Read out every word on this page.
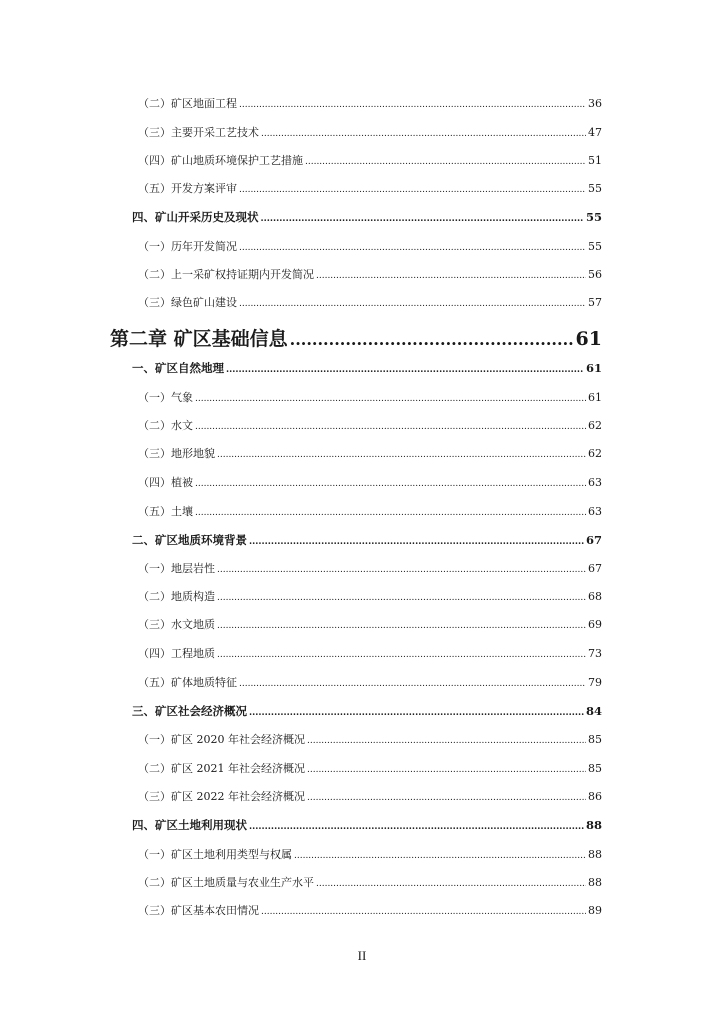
（二）矿区地面工程 .....	36
（三）主要开采工艺技术 .....	47
（四）矿山地质环境保护工艺措施 .....	51
（五）开发方案评审 .....	55
四、矿山开采历史及现状 .....	55
（一）历年开发简况 .....	55
（二）上一采矿权持证期内开发简况 .....	56
（三）绿色矿山建设 .....	57
第二章 矿区基础信息 .....	61
一、矿区自然地理 .....	61
（一）气象 .....	61
（二）水文 .....	62
（三）地形地貌 .....	62
（四）植被 .....	63
（五）土壤 .....	63
二、矿区地质环境背景 .....	67
（一）地层岩性 .....	67
（二）地质构造 .....	68
（三）水文地质 .....	69
（四）工程地质 .....	73
（五）矿体地质特征 .....	79
三、矿区社会经济概况 .....	84
（一）矿区 2020 年社会经济概况 .....	85
（二）矿区 2021 年社会经济概况 .....	85
（三）矿区 2022 年社会经济概况 .....	86
四、矿区土地利用现状 .....	88
（一）矿区土地利用类型与权属 .....	88
（二）矿区土地质量与农业生产水平 .....	88
（三）矿区基本农田情况 .....	89
II
